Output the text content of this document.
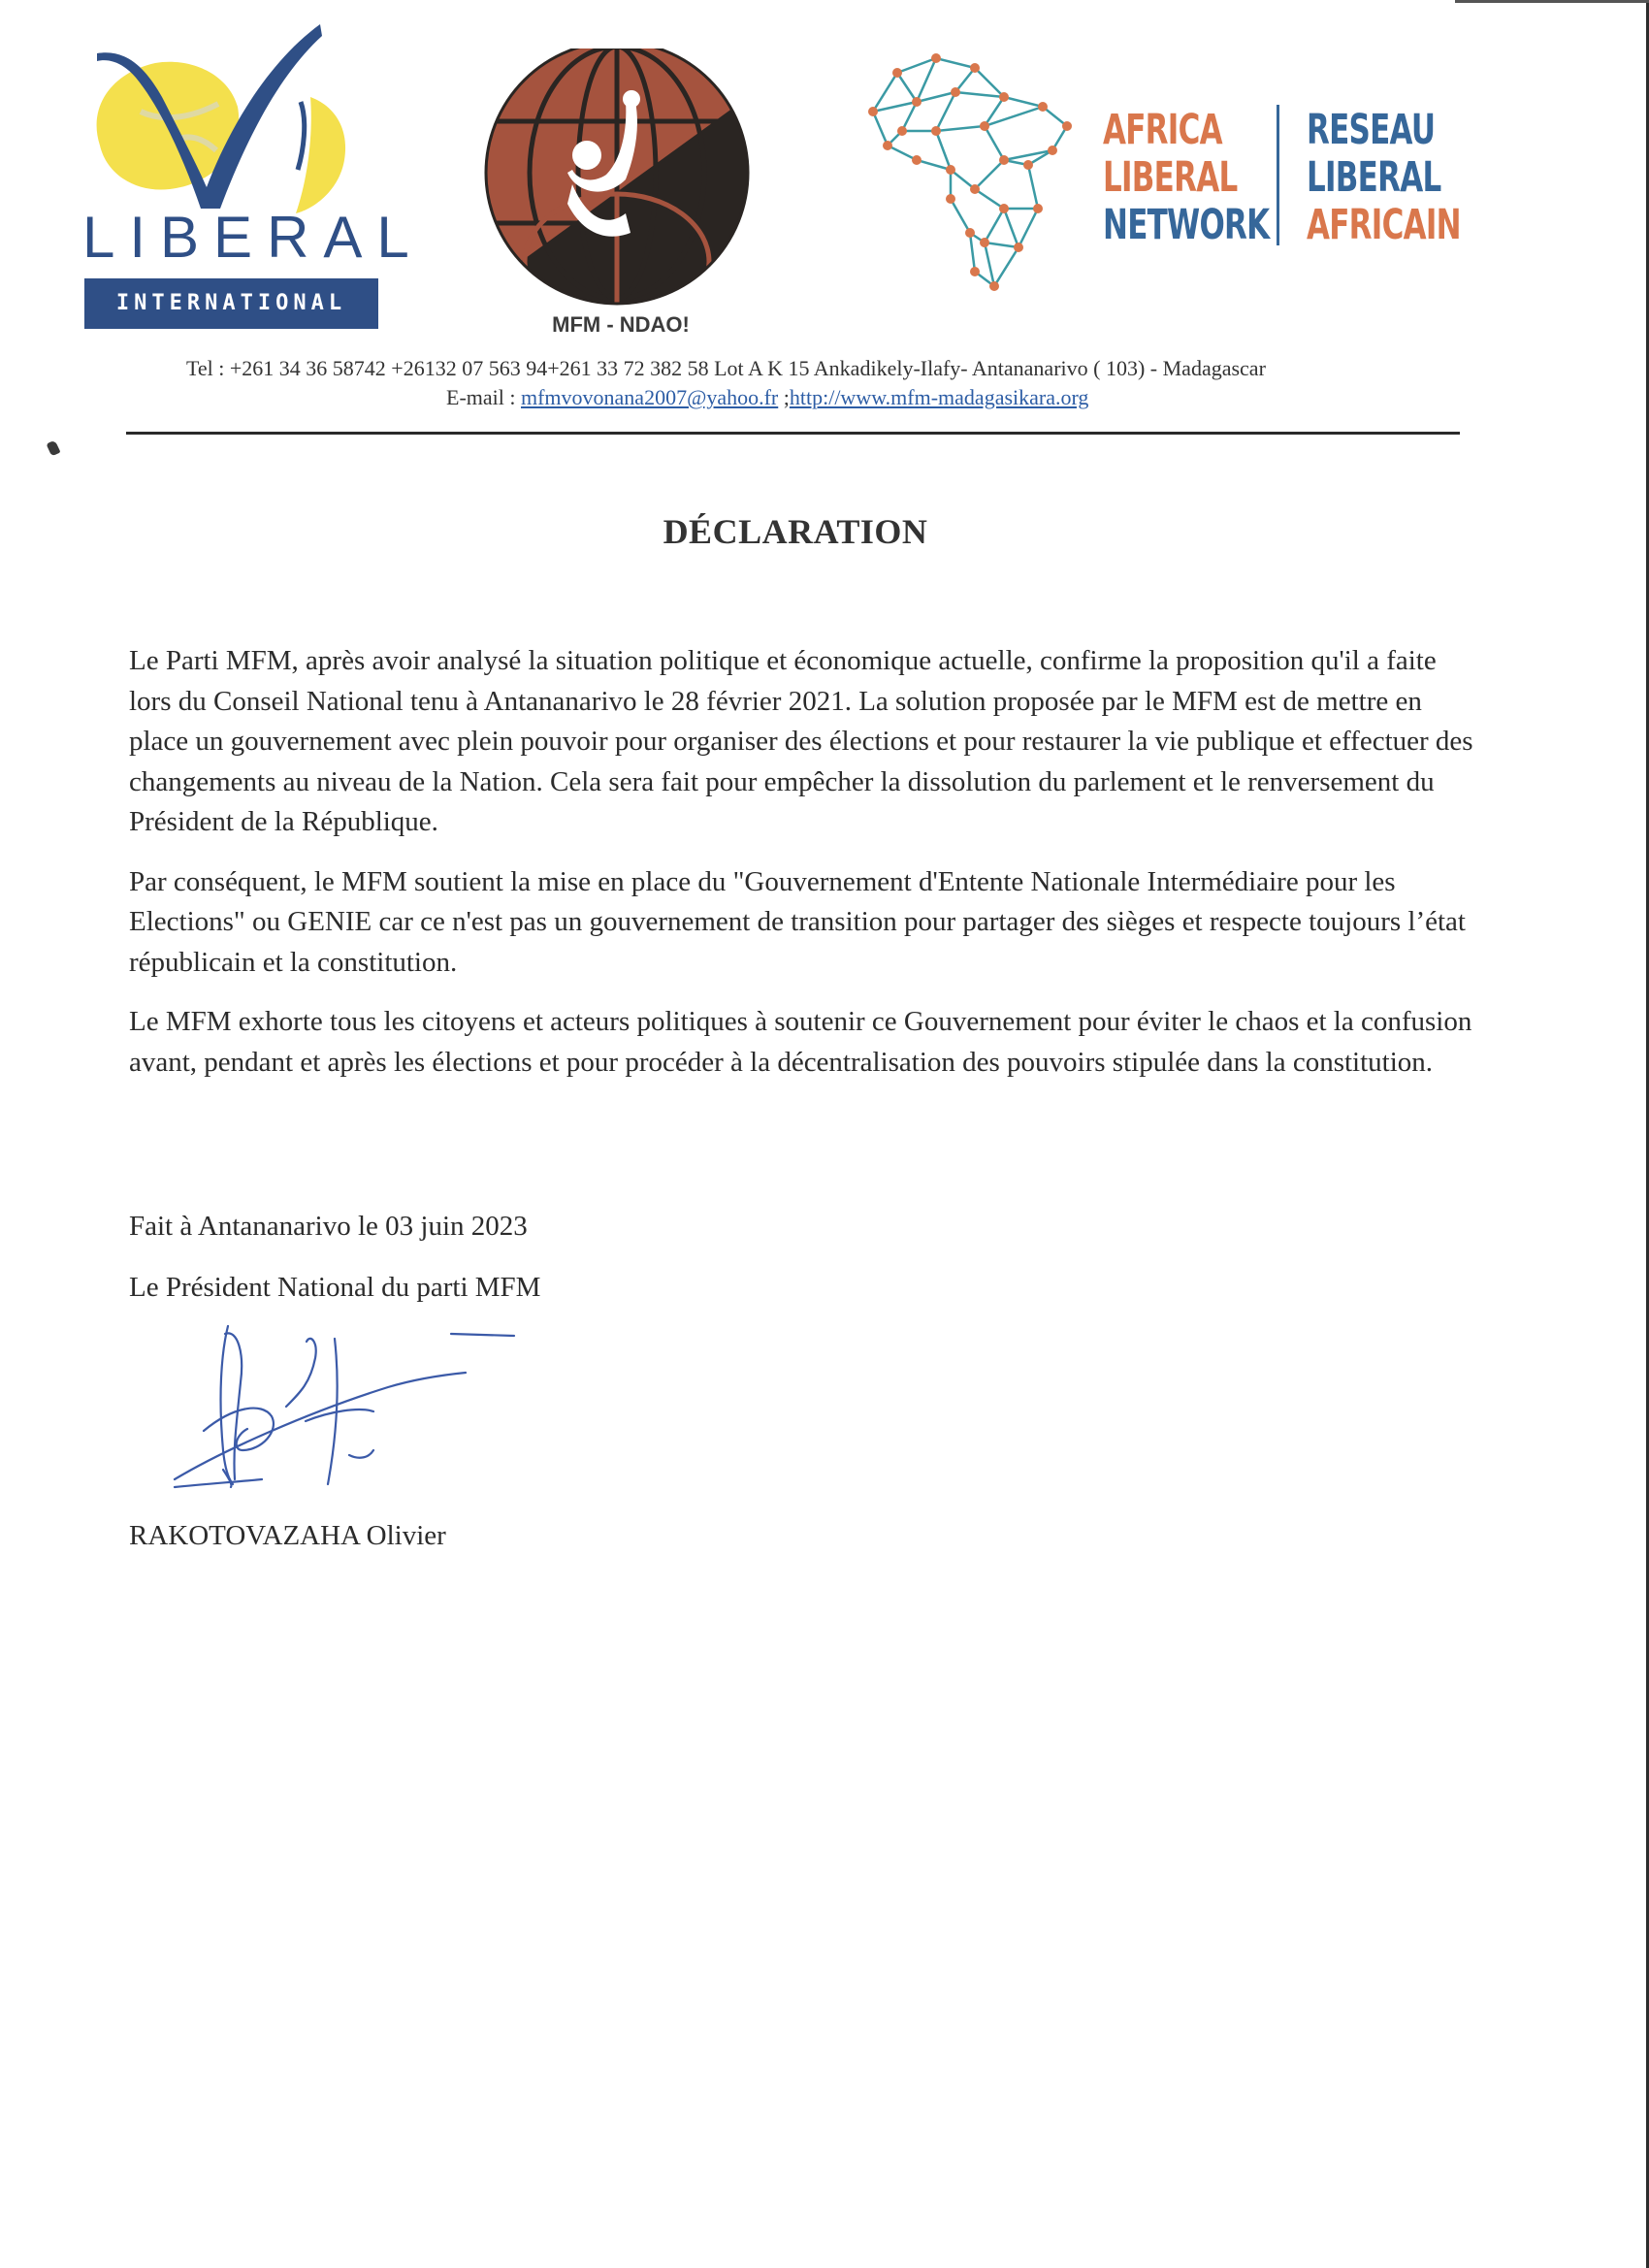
LIBERAL
INTERNATIONAL
MFM - NDAO!
AFRICA
LIBERAL
NETWORK
RESEAU
LIBERAL
AFRICAIN
Tel : +261 34 36 58742 +26132 07 563 94+261 33 72 382 58 Lot A K 15 Ankadikely-Ilafy- Antananarivo ( 103) - Madagascar
E-mail : mfmvovonana2007@yahoo.fr ;http://www.mfm-madagasikara.org
DÉCLARATION

Le Parti MFM, après avoir analysé la situation politique et économique actuelle, confirme la proposition qu'il a faite lors du Conseil National tenu à Antananarivo le 28 février 2021. La solution proposée par le MFM est de mettre en place un gouvernement avec plein pouvoir pour organiser des élections et pour restaurer la vie publique et effectuer des changements au niveau de la Nation. Cela sera fait pour empêcher la dissolution du parlement et le renversement du Président de la République.

Par conséquent, le MFM soutient la mise en place du "Gouvernement d'Entente Nationale Intermédiaire pour les Elections" ou GENIE car ce n'est pas un gouvernement de transition pour partager des sièges et respecte toujours l’état républicain et la constitution.

Le MFM exhorte tous les citoyens et acteurs politiques à soutenir ce Gouvernement pour éviter le chaos et la confusion avant, pendant et après les élections et pour procéder à la décentralisation des pouvoirs stipulée dans la constitution.

Fait à Antananarivo le 03 juin 2023
Le Président National du parti MFM
RAKOTOVAZAHA Olivier
